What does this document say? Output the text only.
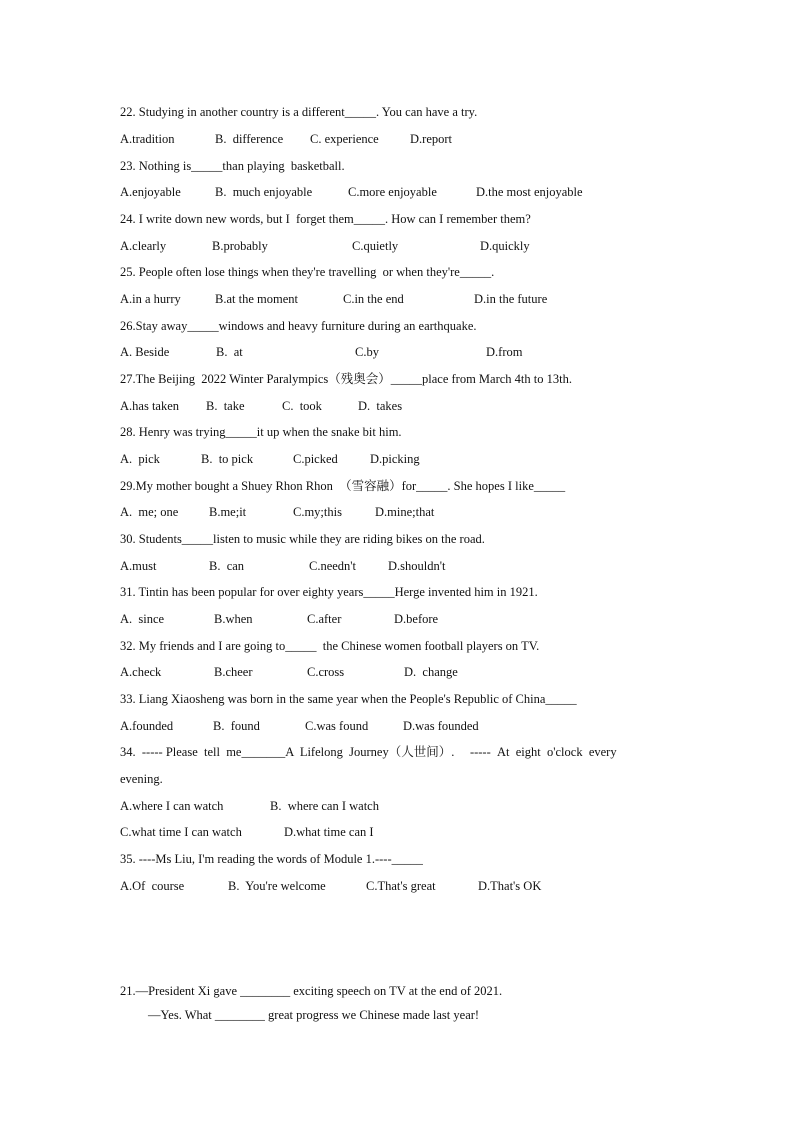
22. Studying in another country is a different_____. You can have a try.
A.tradition	B.  difference C. experience	D.report
23. Nothing is_____than playing  basketball.
A.enjoyable	B.  much enjoyable	C.more enjoyable	D.the most enjoyable
24. I write down new words, but I  forget them_____. How can I remember them?
A.clearly	B.probably	C.quietly	D.quickly
25. People often lose things when they're travelling  or when they're_____.
A.in a hurry	B.at the moment	C.in the end	D.in the future
26.Stay away_____windows and heavy furniture during an earthquake.
A. Beside	B.  at	C.by	D.from
27.The Beijing  2022 Winter Paralympics（残奥会）_____place from March 4th to 13th.
A.has taken B.  take	C.  took	D.  takes
28. Henry was trying_____it up when the snake bit him.
A.  pick	B.  to pick	C.picked	D.picking
29.My mother bought a Shuey Rhon Rhon  （雪容融）for_____. She hopes I like_____
A.  me; one B.me;it	C.my;this	D.mine;that
30. Students_____listen to music while they are riding bikes on the road.
A.must	B.  can	C.needn't	D.shouldn't
31. Tintin has been popular for over eighty years_____Herge invented him in 1921.
A.  since	B.when	C.after	D.before
32. My friends and I are going to_____  the Chinese women football players on TV.
A.check	B.cheer	C.cross	D.  change
33. Liang Xiaosheng was born in the same year when the People's Republic of China_____
A.founded	B.  found	C.was found	D.was founded
34.  ----- Please  tell  me_______A  Lifelong  Journey（人世间）.     -----  At  eight  o'clock  every
evening.
A.where I can watch	B.  where can I watch
C.what time I can watch	D.what time can I
35. ----Ms Liu, I'm reading the words of Module 1.----_____
A.Of  course	B.  You're welcome	C.That's great	D.That's OK
21.—President Xi gave ________ exciting speech on TV at the end of 2021.
—Yes. What ________ great progress we Chinese made last year!
